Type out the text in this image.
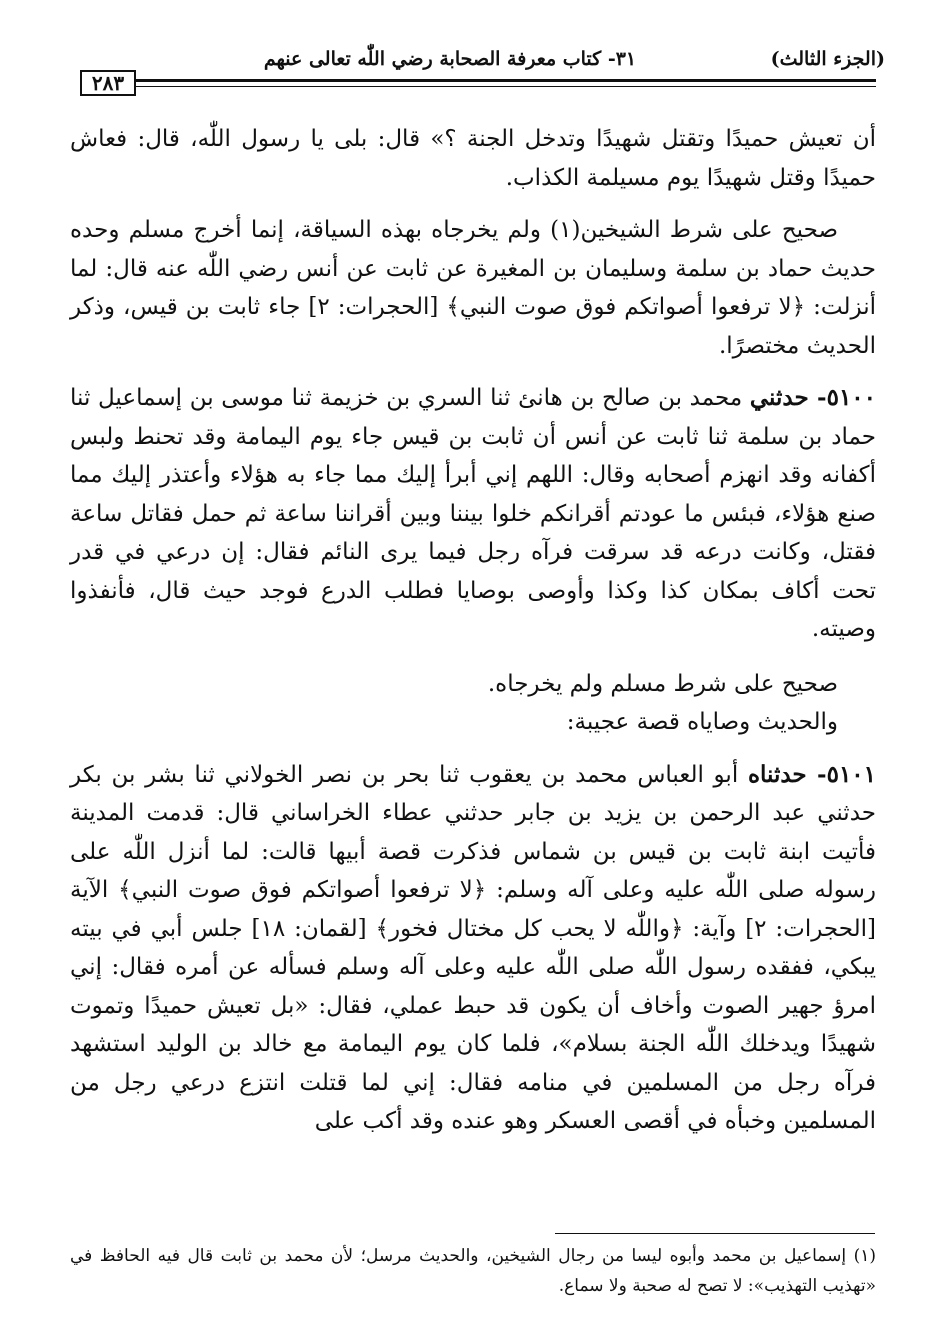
(الجزء الثالث)
٣١- كتاب معرفة الصحابة رضي اللّٰه تعالى عنهم
٢٨٣

أن تعيش حميدًا وتقتل شهيدًا وتدخل الجنة ؟» قال: بلى يا رسول اللّٰه، قال: فعاش حميدًا وقتل شهيدًا يوم مسيلمة الكذاب.

صحيح على شرط الشيخين(١) ولم يخرجاه بهذه السياقة، إنما أخرج مسلم وحده حديث حماد بن سلمة وسليمان بن المغيرة عن ثابت عن أنس رضي اللّٰه عنه قال: لما أنزلت: ﴿لا ترفعوا أصواتكم فوق صوت النبي﴾ [الحجرات: ٢] جاء ثابت بن قيس، وذكر الحديث مختصرًا.

٥١٠٠- حدثني محمد بن صالح بن هانئ ثنا السري بن خزيمة ثنا موسى بن إسماعيل ثنا حماد بن سلمة ثنا ثابت عن أنس أن ثابت بن قيس جاء يوم اليمامة وقد تحنط ولبس أكفانه وقد انهزم أصحابه وقال: اللهم إني أبرأ إليك مما جاء به هؤلاء وأعتذر إليك مما صنع هؤلاء، فبئس ما عودتم أقرانكم خلوا بيننا وبين أقراننا ساعة ثم حمل فقاتل ساعة فقتل، وكانت درعه قد سرقت فرآه رجل فيما يرى النائم فقال: إن درعي في قدر تحت أكاف بمكان كذا وكذا وأوصى بوصايا فطلب الدرع فوجد حيث قال، فأنفذوا وصيته.

صحيح على شرط مسلم ولم يخرجاه.

والحديث وصاياه قصة عجيبة:

٥١٠١- حدثناه أبو العباس محمد بن يعقوب ثنا بحر بن نصر الخولاني ثنا بشر بن بكر حدثني عبد الرحمن بن يزيد بن جابر حدثني عطاء الخراساني قال: قدمت المدينة فأتيت ابنة ثابت بن قيس بن شماس فذكرت قصة أبيها قالت: لما أنزل اللّٰه على رسوله صلى اللّٰه عليه وعلى آله وسلم: ﴿لا ترفعوا أصواتكم فوق صوت النبي﴾ الآية [الحجرات: ٢] وآية: ﴿واللّٰه لا يحب كل مختال فخور﴾ [لقمان: ١٨] جلس أبي في بيته يبكي، ففقده رسول اللّٰه صلى اللّٰه عليه وعلى آله وسلم فسأله عن أمره فقال: إني امرؤ جهير الصوت وأخاف أن يكون قد حبط عملي، فقال: «بل تعيش حميدًا وتموت شهيدًا ويدخلك اللّٰه الجنة بسلام»، فلما كان يوم اليمامة مع خالد بن الوليد استشهد فرآه رجل من المسلمين في منامه فقال: إني لما قتلت انتزع درعي رجل من المسلمين وخبأه في أقصى العسكر وهو عنده وقد أكب على

(١) إسماعيل بن محمد وأبوه ليسا من رجال الشيخين، والحديث مرسل؛ لأن محمد بن ثابت قال فيه الحافظ في «تهذيب التهذيب»: لا تصح له صحبة ولا سماع.
